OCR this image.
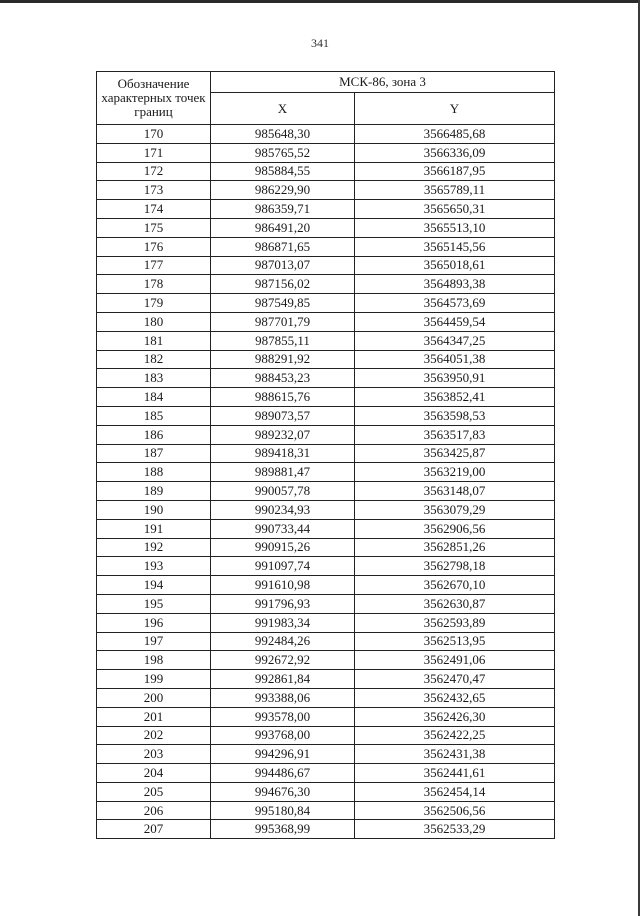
341
Обозначение характерных точек границ	МСК-86, зона 3	
	X	Y
170	985648,30	3566485,68
171	985765,52	3566336,09
172	985884,55	3566187,95
173	986229,90	3565789,11
174	986359,71	3565650,31
175	986491,20	3565513,10
176	986871,65	3565145,56
177	987013,07	3565018,61
178	987156,02	3564893,38
179	987549,85	3564573,69
180	987701,79	3564459,54
181	987855,11	3564347,25
182	988291,92	3564051,38
183	988453,23	3563950,91
184	988615,76	3563852,41
185	989073,57	3563598,53
186	989232,07	3563517,83
187	989418,31	3563425,87
188	989881,47	3563219,00
189	990057,78	3563148,07
190	990234,93	3563079,29
191	990733,44	3562906,56
192	990915,26	3562851,26
193	991097,74	3562798,18
194	991610,98	3562670,10
195	991796,93	3562630,87
196	991983,34	3562593,89
197	992484,26	3562513,95
198	992672,92	3562491,06
199	992861,84	3562470,47
200	993388,06	3562432,65
201	993578,00	3562426,30
202	993768,00	3562422,25
203	994296,91	3562431,38
204	994486,67	3562441,61
205	994676,30	3562454,14
206	995180,84	3562506,56
207	995368,99	3562533,29
